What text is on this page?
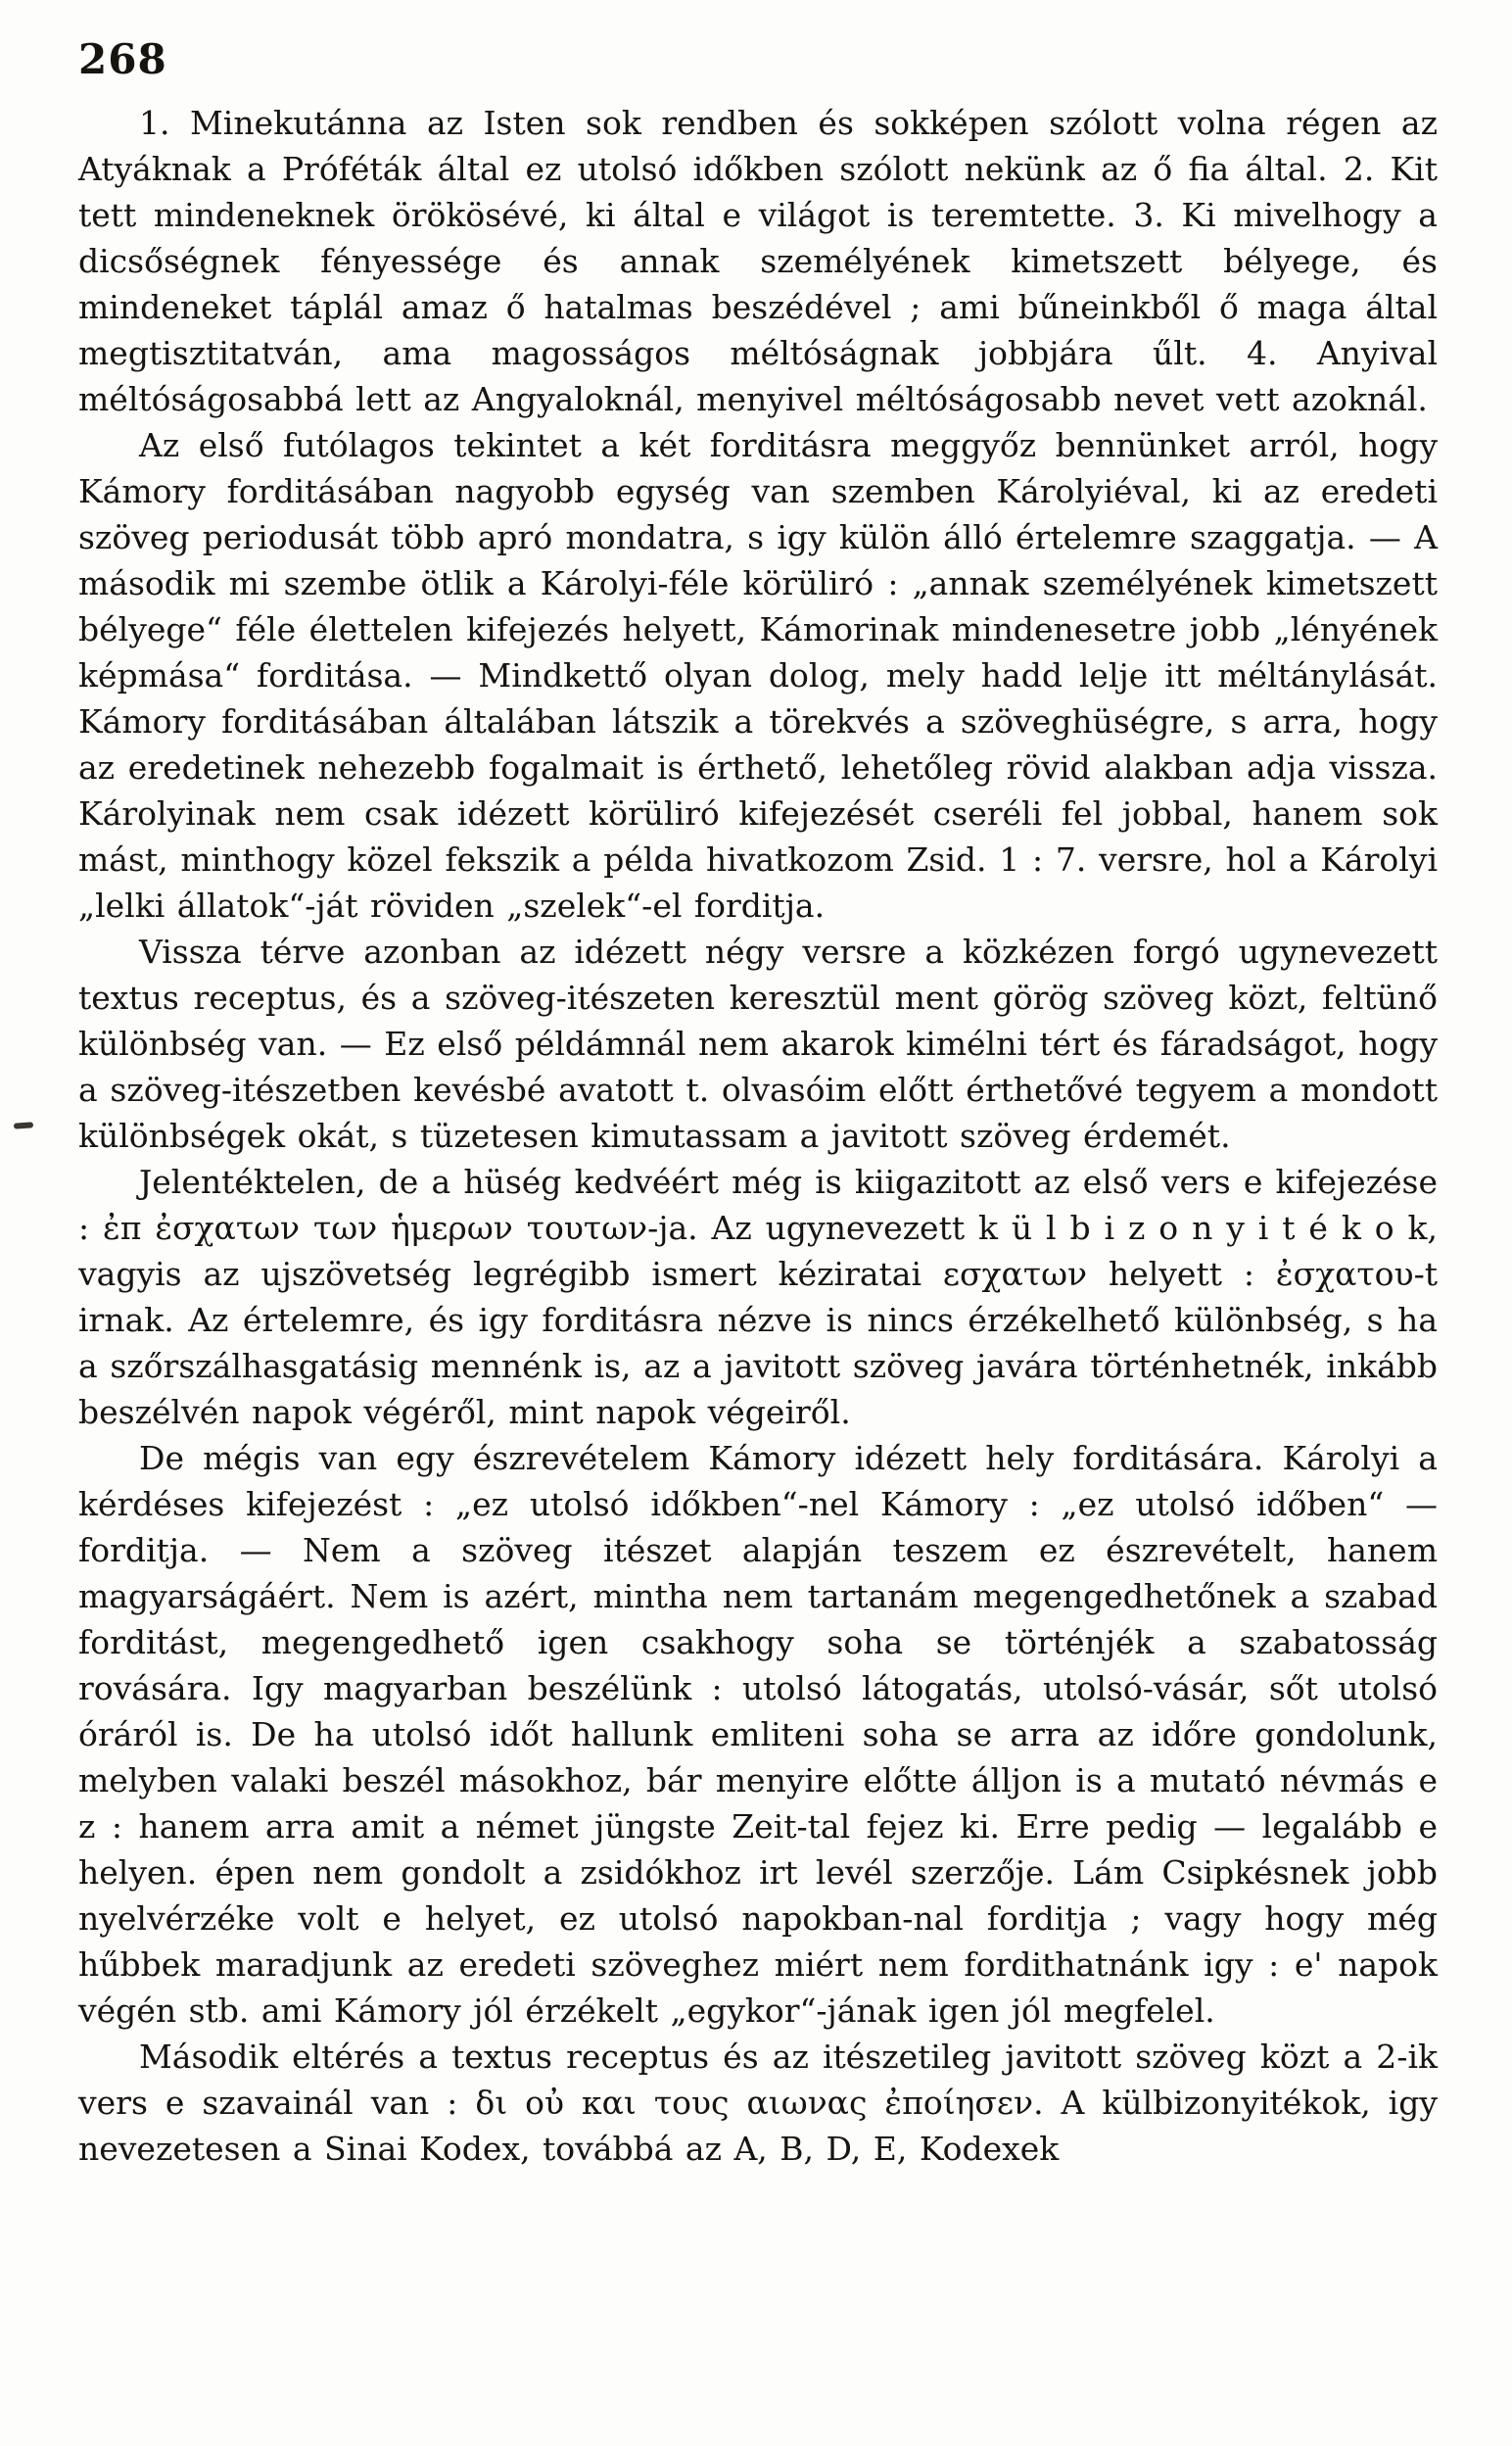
268

1. Minekutánna az Isten sok rendben és sokképen szólott volna régen az Atyáknak a Próféták által ez utolsó időkben szólott nekünk az ő fia által. 2. Kit tett mindeneknek örökösévé, ki által e világot is teremtette. 3. Ki mivelhogy a dicsőségnek fényessége és annak személyének kimetszett bélyege, és mindeneket táplál amaz ő hatalmas beszédével ; ami bűneinkből ő maga által megtisztitatván, ama magosságos méltóságnak jobbjára űlt. 4. Anyival méltóságosabbá lett az Angyaloknál, menyivel méltóságosabb nevet vett azoknál.

Az első futólagos tekintet a két forditásra meggyőz bennünket arról, hogy Kámory forditásában nagyobb egység van szemben Károlyiéval, ki az eredeti szöveg periodusát több apró mondatra, s igy külön álló értelemre szaggatja. — A második mi szembe ötlik a Károlyi-féle körüliró : „annak személyének kimetszett bélyege“ féle élettelen kifejezés helyett, Kámorinak mindenesetre jobb „lényének képmása“ forditása. — Mindkettő olyan dolog, mely hadd lelje itt méltánylását. Kámory forditásában általában látszik a törekvés a szöveghüségre, s arra, hogy az eredetinek nehezebb fogalmait is érthető, lehetőleg rövid alakban adja vissza. Károlyinak nem csak idézett körüliró kifejezését cseréli fel jobbal, hanem sok mást, minthogy közel fekszik a példa hivatkozom Zsid. 1 : 7. versre, hol a Károlyi „lelki állatok“-ját röviden „szelek“-el forditja.

Vissza térve azonban az idézett négy versre a közkézen forgó ugynevezett textus receptus, és a szöveg-itészeten keresztül ment görög szöveg közt, feltünő különbség van. — Ez első példámnál nem akarok kimélni tért és fáradságot, hogy a szöveg-itészetben kevésbé avatott t. olvasóim előtt érthetővé tegyem a mondott különbségek okát, s tüzetesen kimutassam a javitott szöveg érdemét.

Jelentéktelen, de a hüség kedvéért még is kiigazitott az első vers e kifejezése : ἐπ ἐσχατων των ἡμερων τουτων-ja. Az ugynevezett k ü l b i z o n y i t é k o k, vagyis az ujszövetség legrégibb ismert kéziratai εσχατων helyett : ἐσχατου-t irnak. Az értelemre, és igy forditásra nézve is nincs érzékelhető különbség, s ha a szőrszálhasgatásig mennénk is, az a javitott szöveg javára történhetnék, inkább beszélvén napok végéről, mint napok végeiről.

De mégis van egy észrevételem Kámory idézett hely forditására. Károlyi a kérdéses kifejezést : „ez utolsó időkben“-nel Kámory : „ez utolsó időben“ — forditja. — Nem a szöveg itészet alapján teszem ez észrevételt, hanem magyarságáért. Nem is azért, mintha nem tartanám megengedhetőnek a szabad forditást, megengedhető igen csakhogy soha se történjék a szabatosság rovására. Igy magyarban beszélünk : utolsó látogatás, utolsó-vásár, sőt utolsó óráról is. De ha utolsó időt hallunk emliteni soha se arra az időre gondolunk, melyben valaki beszél másokhoz, bár menyire előtte álljon is a mutató névmás e z : hanem arra amit a német jüngste Zeit-tal fejez ki. Erre pedig — legalább e helyen. épen nem gondolt a zsidókhoz irt levél szerzője. Lám Csipkésnek jobb nyelvérzéke volt e helyet, ez utolsó napokban-nal forditja ; vagy hogy még hűbbek maradjunk az eredeti szöveghez miért nem fordithatnánk igy : e' napok végén stb. ami Kámory jól érzékelt „egykor“-jának igen jól megfelel.

Második eltérés a textus receptus és az itészetileg javitott szöveg közt a 2-ik vers e szavainál van : δι οὐ και τους αιωνας ἐποίησεν. A külbizonyitékok, igy nevezetesen a Sinai Kodex, továbbá az A, B, D, E, Kodexek
